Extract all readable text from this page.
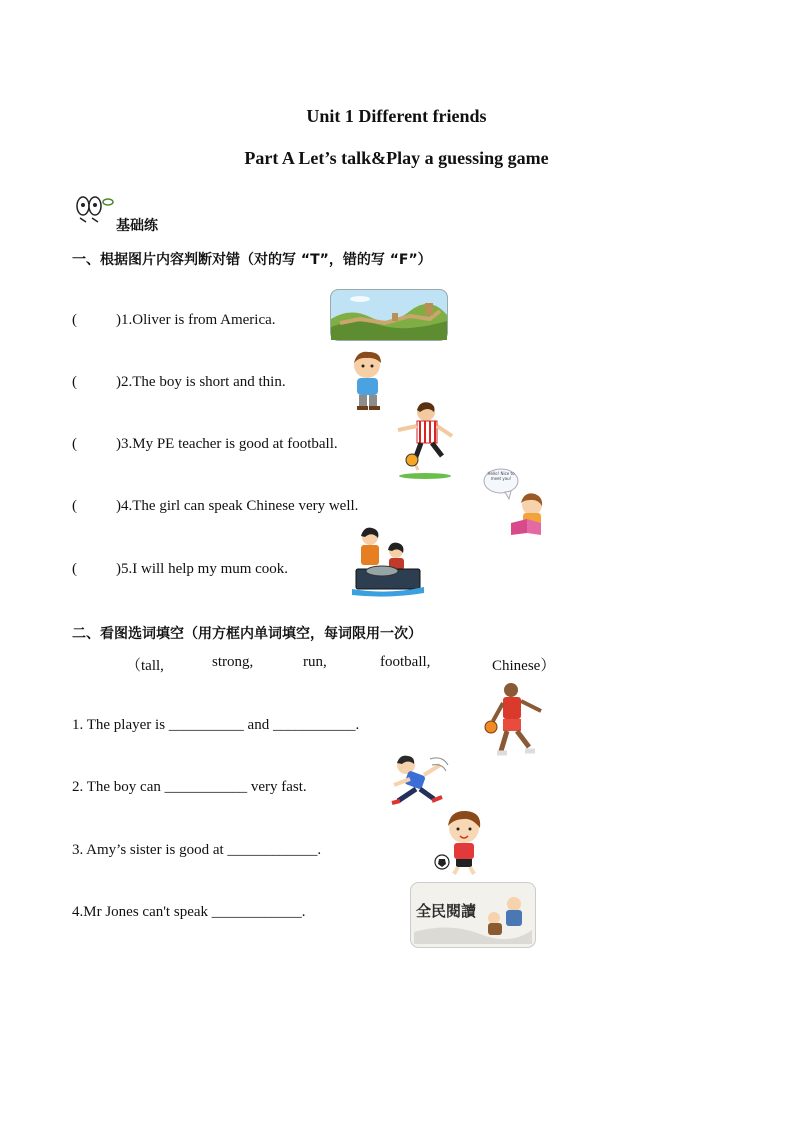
Unit 1 Different friends
Part A Let’s talk&Play a guessing game
基础练
一、根据图片内容判断对错（对的写 “T”，错的写 “F”）
(	)1.Oliver is from America.
(	)2.The boy is short and thin.
(	)3.My PE teacher is good at football.
(	)4.The girl can speak Chinese very well.
(	)5.I will help my mum cook.
Hello! Nice to meet you!
二、看图选词填空（用方框内单词填空，每词限用一次）
（tall,	strong,	run,	football,	Chinese）
1. The player is __________ and ___________.
2. The boy can ___________ very fast.
3. Amy’s sister is good at ____________.
4.Mr Jones can't speak ____________.	全民閱讀
